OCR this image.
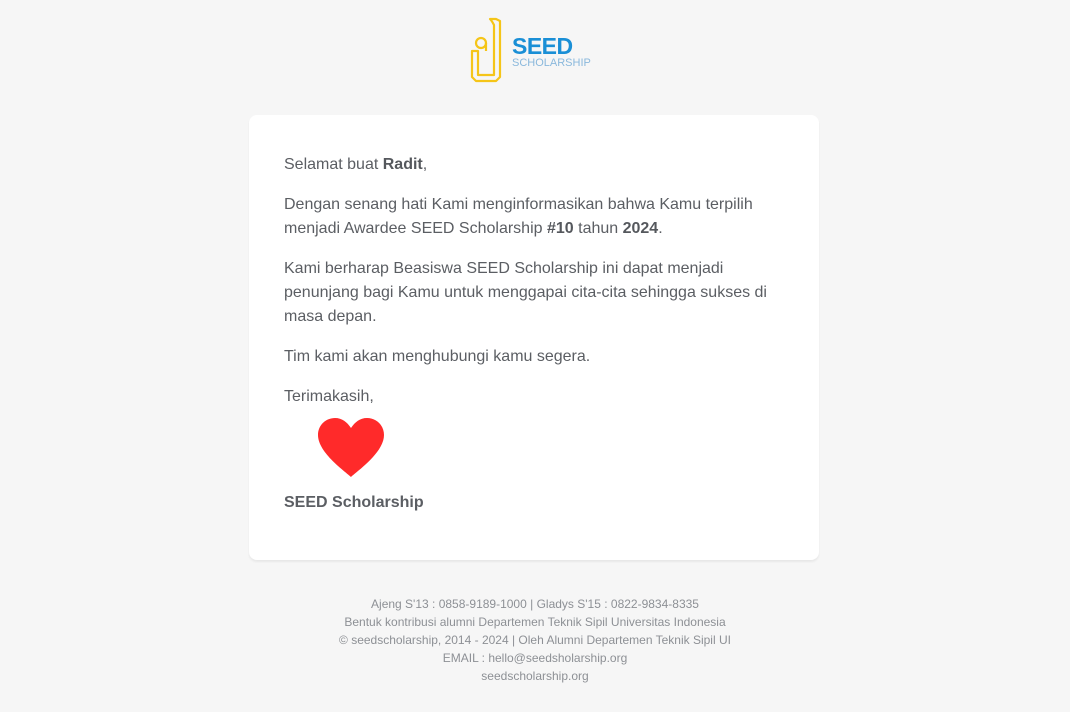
SEED
SCHOLARSHIP

Selamat buat Radit,

Dengan senang hati Kami menginformasikan bahwa Kamu terpilih menjadi Awardee SEED Scholarship #10 tahun 2024.

Kami berharap Beasiswa SEED Scholarship ini dapat menjadi penunjang bagi Kamu untuk menggapai cita-cita sehingga sukses di masa depan.

Tim kami akan menghubungi kamu segera.

Terimakasih,

SEED Scholarship
Ajeng S'13 : 0858-9189-1000 | Gladys S'15 : 0822-9834-8335
Bentuk kontribusi alumni Departemen Teknik Sipil Universitas Indonesia
© seedscholarship, 2014 - 2024 | Oleh Alumni Departemen Teknik Sipil UI
EMAIL : hello@seedsholarship.org
seedscholarship.org
